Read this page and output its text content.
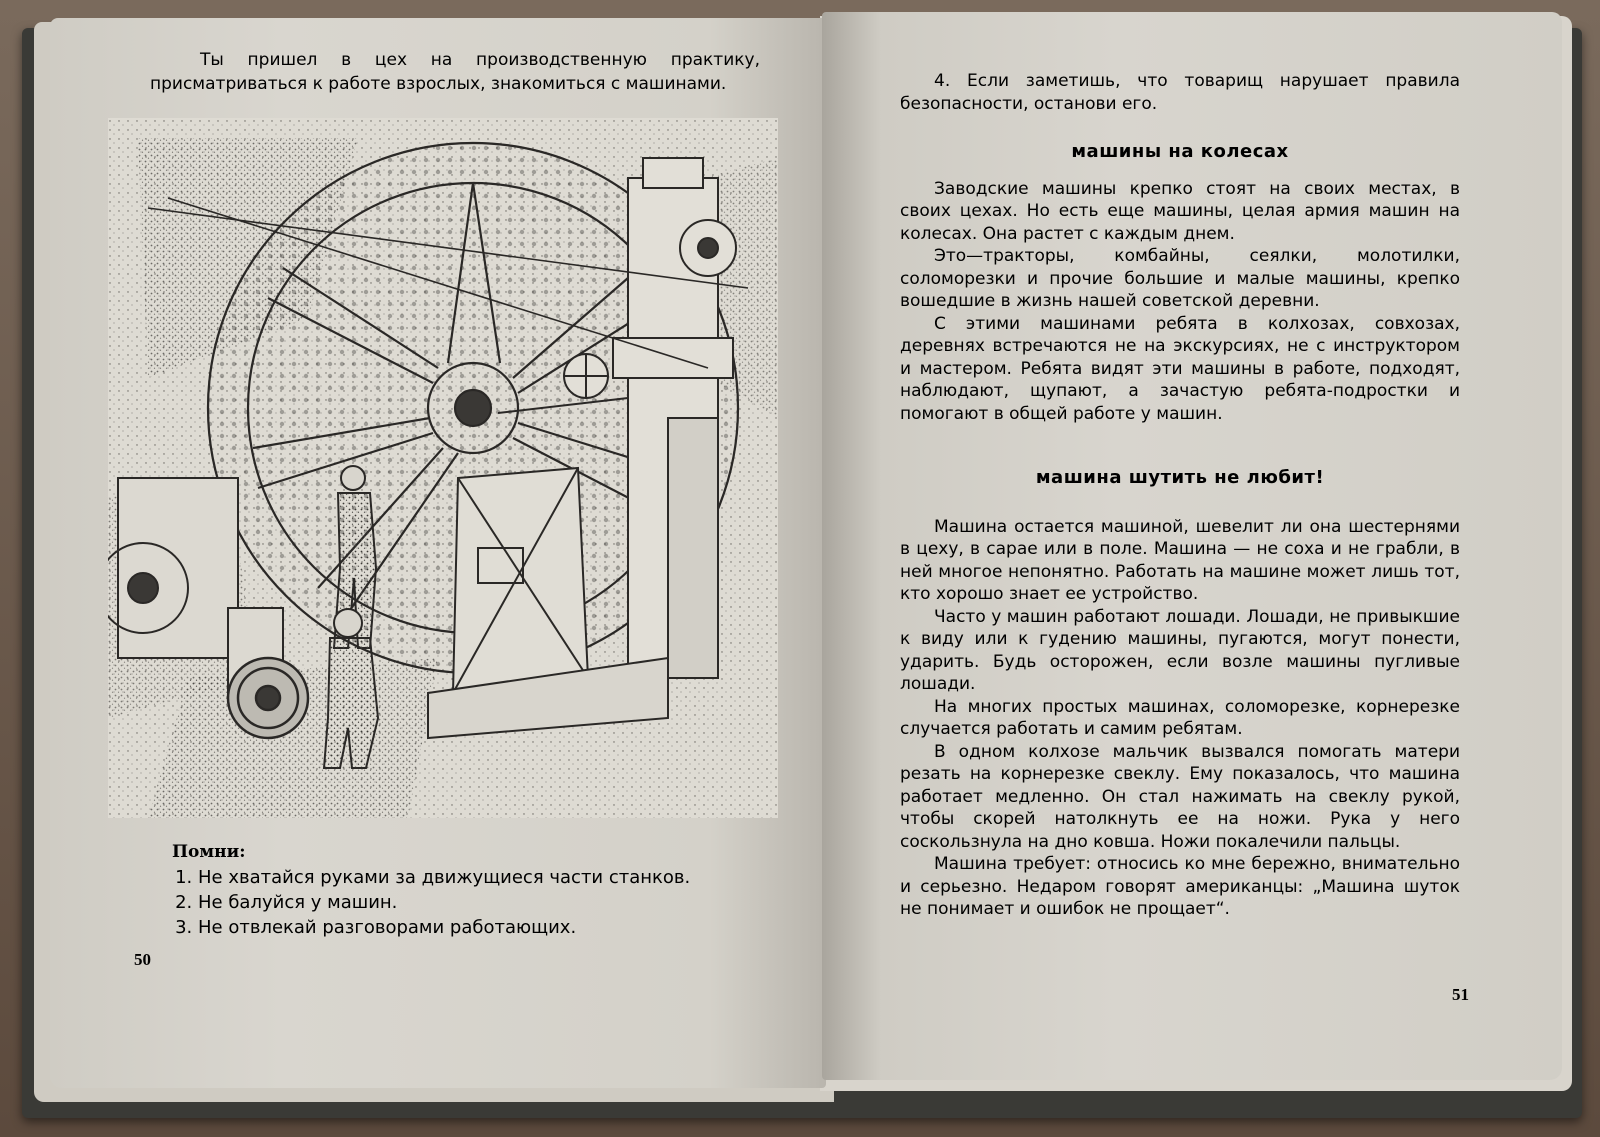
Ты пришел в цех на производственную практику, присматриваться к работе взрослых, знакомиться с машинами.

Помни:
1. Не хватайся руками за движущиеся части станков.
2. Не балуйся у машин.
3. Не отвлекай разговорами работающих.
50

4. Если заметишь, что товарищ нарушает правила безопасности, останови его.

машины на колесах

Заводские машины крепко стоят на своих местах, в своих цехах. Но есть еще машины, целая армия машин на колесах. Она растет с каждым днем.

Это—тракторы, комбайны, сеялки, молотилки, соломорезки и прочие большие и малые машины, крепко вошедшие в жизнь нашей советской деревни.

С этими машинами ребята в колхозах, совхозах, деревнях встречаются не на экскурсиях, не с инструктором и мастером. Ребята видят эти машины в работе, подходят, наблюдают, щупают, а зачастую ребята-подростки и помогают в общей работе у машин.

машина шутить не любит!

Машина остается машиной, шевелит ли она шестернями в цеху, в сарае или в поле. Машина — не соха и не грабли, в ней многое непонятно. Работать на машине может лишь тот, кто хорошо знает ее устройство.

Часто у машин работают лошади. Лошади, не привыкшие к виду или к гудению машины, пугаются, могут понести, ударить. Будь осторожен, если возле машины пугливые лошади.

На многих простых машинах, соломорезке, корнерезке случается работать и самим ребятам.

В одном колхозе мальчик вызвался помогать матери резать на корнерезке свеклу. Ему показалось, что машина работает медленно. Он стал нажимать на свеклу рукой, чтобы скорей натолкнуть ее на ножи. Рука у него соскользнула на дно ковша. Ножи покалечили пальцы.

Машина требует: относись ко мне бережно, внимательно и серьезно. Недаром говорят американцы: „Машина шуток не понимает и ошибок не прощает“.

51
